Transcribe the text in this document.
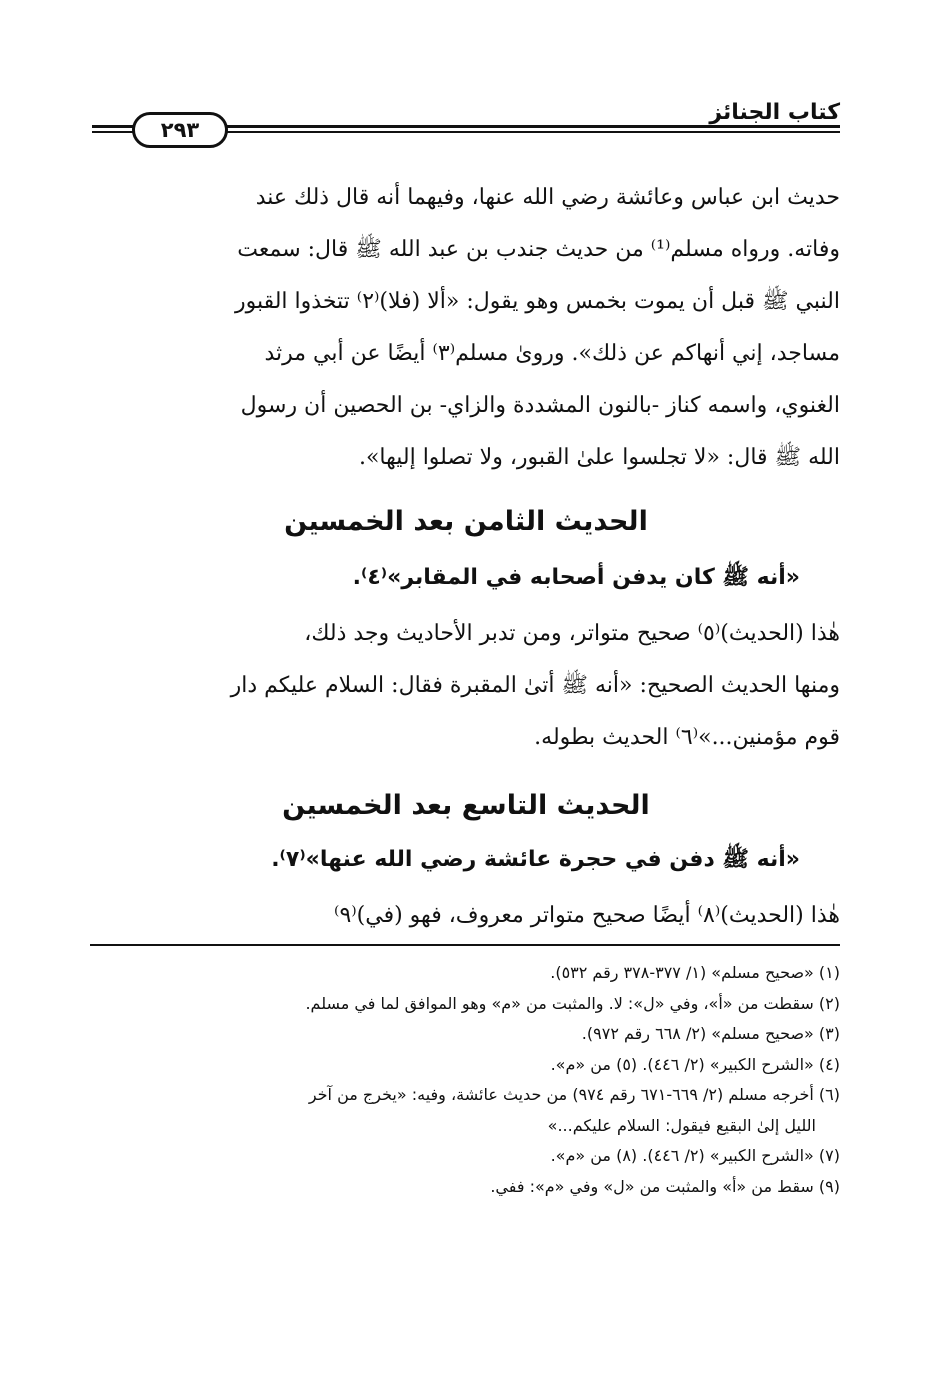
كتاب الجنائز
٢٩٣

حديث ابن عباس وعائشة رضي الله عنها، وفيهما أنه قال ذلك عند

وفاته. ورواه مسلم⁽¹⁾ من حديث جندب بن عبد الله ﷺ قال: سمعت

النبي ﷺ قبل أن يموت بخمس وهو يقول: «ألا (فلا)⁽٢⁾ تتخذوا القبور

مساجد، إني أنهاكم عن ذلك». وروىٰ مسلم⁽٣⁾ أيضًا عن أبي مرثد

الغنوي، واسمه كناز -بالنون المشددة والزاي- بن الحصين أن رسول

الله ﷺ قال: «لا تجلسوا علىٰ القبور، ولا تصلوا إليها».

الحديث الثامن بعد الخمسين
«أنه ﷺ كان يدفن أصحابه في المقابر»⁽٤⁾.

هٰذا (الحديث)⁽٥⁾ صحيح متواتر، ومن تدبر الأحاديث وجد ذلك،

ومنها الحديث الصحيح: «أنه ﷺ أتىٰ المقبرة فقال: السلام عليكم دار

قوم مؤمنين...»⁽٦⁾ الحديث بطوله.

الحديث التاسع بعد الخمسين
«أنه ﷺ دفن في حجرة عائشة رضي الله عنها»⁽٧⁾.

هٰذا (الحديث)⁽٨⁾ أيضًا صحيح متواتر معروف، فهو (في)⁽٩⁾

(١) «صحيح مسلم» (١/ ٣٧٧-٣٧٨ رقم ٥٣٢).

(٢) سقطت من «أ»، وفي «ل»: لا. والمثبت من «م» وهو الموافق لما في مسلم.

(٣) «صحيح مسلم» (٢/ ٦٦٨ رقم ٩٧٢).

(٤) «الشرح الكبير» (٢/ ٤٤٦). (٥) من «م».

(٦) أخرجه مسلم (٢/ ٦٦٩-٦٧١ رقم ٩٧٤) من حديث عائشة، وفيه: «يخرج من آخر

الليل إلىٰ البقيع فيقول: السلام عليكم...»

(٧) «الشرح الكبير» (٢/ ٤٤٦). (٨) من «م».

(٩) سقط من «أ» والمثبت من «ل» وفي «م»: ففي.
